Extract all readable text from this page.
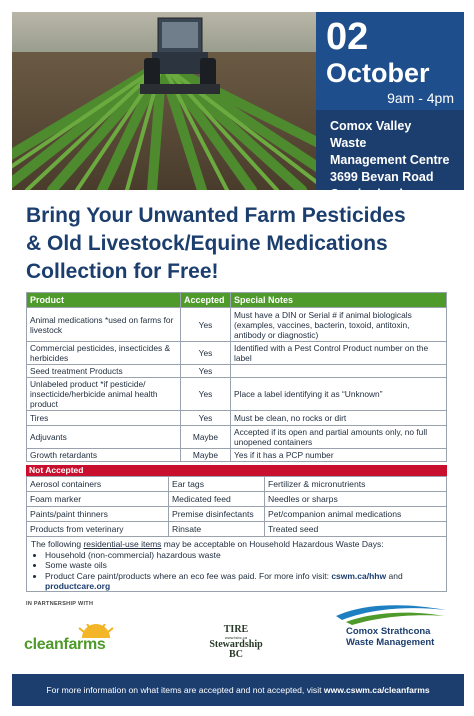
02
October
9am - 4pm
Comox Valley Waste
Management Centre
3699 Bevan Road
Cumberland
Bring Your Unwanted Farm Pesticides
& Old Livestock/Equine Medications
Collection for Free!
Product	Accepted	Special Notes
Animal medications *used on farms for livestock	Yes	Must have a DIN or Serial # if animal biologicals (examples, vaccines, bacterin, toxoid, antitoxin, antibody or diagnostic)
Commercial pesticides, insecticides & herbicides	Yes	Identified with a Pest Control Product number on the label
Seed treatment Products	Yes	
Unlabeled product *if pesticide/ insecticide/herbicide animal health product	Yes	Place a label identifying it as “Unknown”
Tires	Yes	Must be clean, no rocks or dirt
Adjuvants	Maybe	Accepted if its open and partial amounts only, no full unopened containers
Growth retardants	Maybe	Yes if it has a PCP number
Not Accepted
Aerosol containers	Ear tags	Fertilizer & micronutrients
Foam marker	Medicated feed	Needles or sharps
Paints/paint thinners	Premise disinfectants	Pet/companion animal medications
Products from veterinary	Rinsate	Treated seed
The following residential-use items may be acceptable on Household Hazardous Waste Days:
• Household (non-commercial) hazardous waste
• Some waste oils
• Product Care paint/products where an eco fee was paid. For more info visit: cswm.ca/hhw and productcare.org
IN PARTNERSHIP WITH
cleanfarms
TIRE
www.tsbc.ca
Stewardship BC
Comox Strathcona Waste Management
For more information on what items are accepted and not accepted, visit www.cswm.ca/cleanfarms
